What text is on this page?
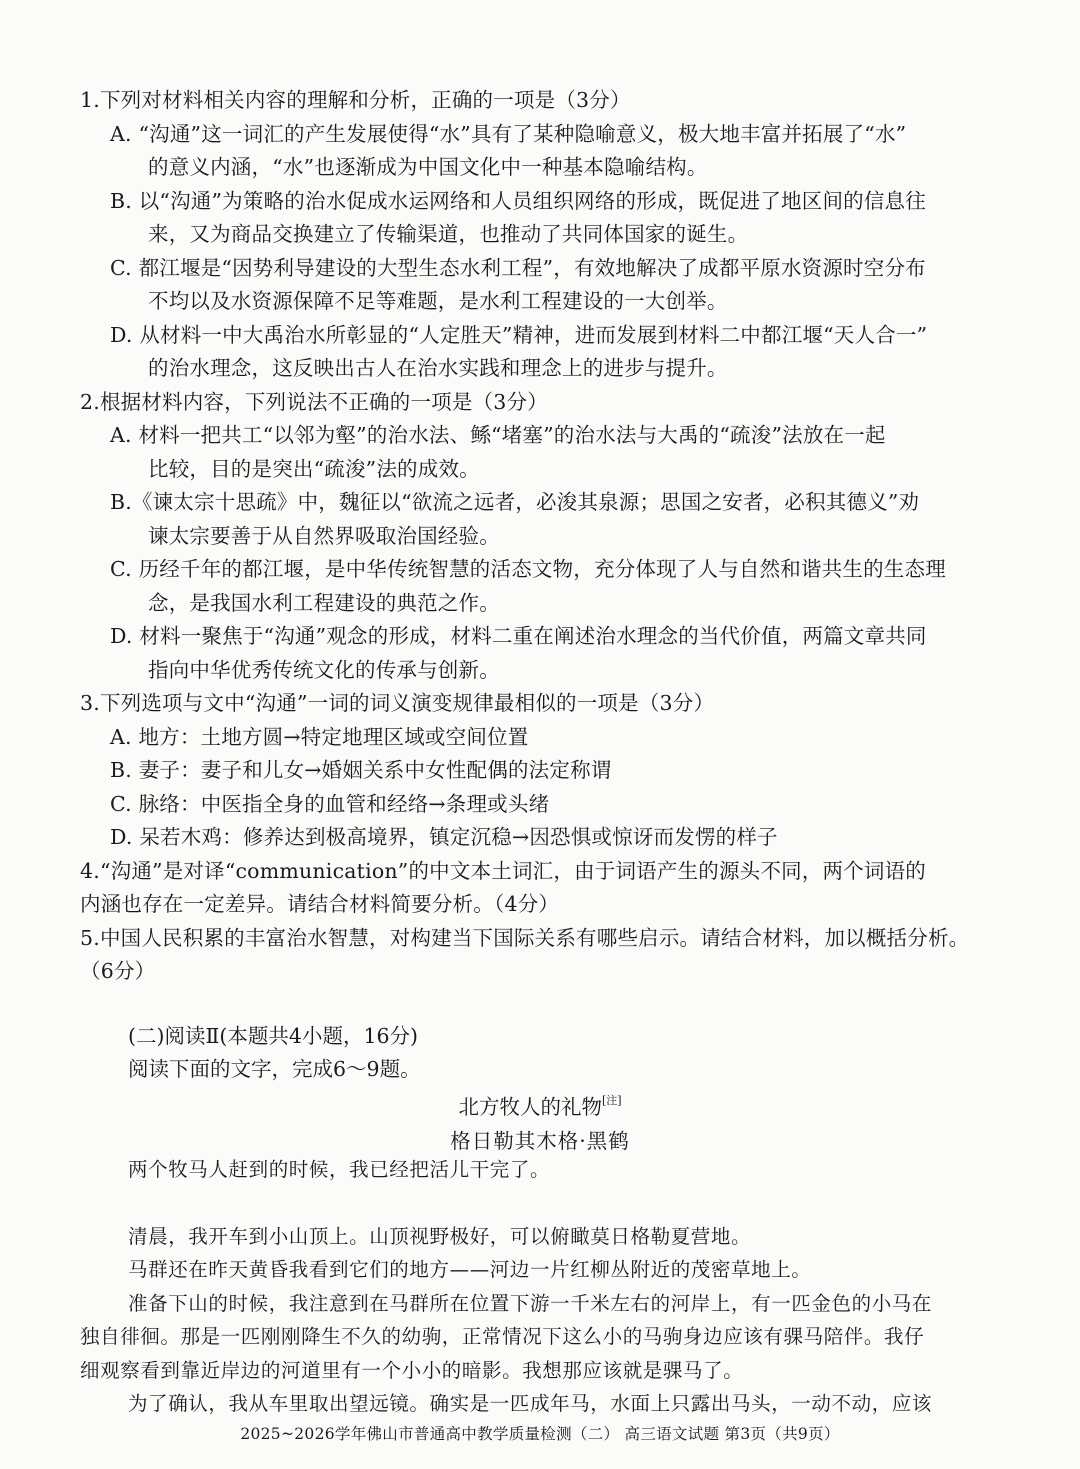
1.下列对材料相关内容的理解和分析，正确的一项是（3分）
A. “沟通”这一词汇的产生发展使得“水”具有了某种隐喻意义，极大地丰富并拓展了“水”
的意义内涵，“水”也逐渐成为中国文化中一种基本隐喻结构。
B. 以“沟通”为策略的治水促成水运网络和人员组织网络的形成，既促进了地区间的信息往
来，又为商品交换建立了传输渠道，也推动了共同体国家的诞生。
C. 都江堰是“因势利导建设的大型生态水利工程”，有效地解决了成都平原水资源时空分布
不均以及水资源保障不足等难题，是水利工程建设的一大创举。
D. 从材料一中大禹治水所彰显的“人定胜天”精神，进而发展到材料二中都江堰“天人合一”
的治水理念，这反映出古人在治水实践和理念上的进步与提升。
2.根据材料内容，下列说法不正确的一项是（3分）
A. 材料一把共工“以邻为壑”的治水法、鲧“堵塞”的治水法与大禹的“疏浚”法放在一起
比较，目的是突出“疏浚”法的成效。
B.《谏太宗十思疏》中，魏征以“欲流之远者，必浚其泉源；思国之安者，必积其德义”劝
谏太宗要善于从自然界吸取治国经验。
C. 历经千年的都江堰，是中华传统智慧的活态文物，充分体现了人与自然和谐共生的生态理
念，是我国水利工程建设的典范之作。
D. 材料一聚焦于“沟通”观念的形成，材料二重在阐述治水理念的当代价值，两篇文章共同
指向中华优秀传统文化的传承与创新。
3.下列选项与文中“沟通”一词的词义演变规律最相似的一项是（3分）
A. 地方：土地方圆→特定地理区域或空间位置
B. 妻子：妻子和儿女→婚姻关系中女性配偶的法定称谓
C. 脉络：中医指全身的血管和经络→条理或头绪
D. 呆若木鸡：修养达到极高境界，镇定沉稳→因恐惧或惊讶而发愣的样子
4.“沟通”是对译“communication”的中文本土词汇，由于词语产生的源头不同，两个词语的
内涵也存在一定差异。请结合材料简要分析。（4分）
5.中国人民积累的丰富治水智慧，对构建当下国际关系有哪些启示。请结合材料，加以概括分析。
（6分）
(二)阅读Ⅱ(本题共4小题，16分)
阅读下面的文字，完成6～9题。
北方牧人的礼物[注]
格日勒其木格·黑鹤
两个牧马人赶到的时候，我已经把活儿干完了。
清晨，我开车到小山顶上。山顶视野极好，可以俯瞰莫日格勒夏营地。
马群还在昨天黄昏我看到它们的地方——河边一片红柳丛附近的茂密草地上。
准备下山的时候，我注意到在马群所在位置下游一千米左右的河岸上，有一匹金色的小马在
独自徘徊。那是一匹刚刚降生不久的幼驹，正常情况下这么小的马驹身边应该有骒马陪伴。我仔
细观察看到靠近岸边的河道里有一个小小的暗影。我想那应该就是骒马了。
为了确认，我从车里取出望远镜。确实是一匹成年马，水面上只露出马头，一动不动，应该
2025~2026学年佛山市普通高中教学质量检测（二） 高三语文试题 第3页（共9页）
